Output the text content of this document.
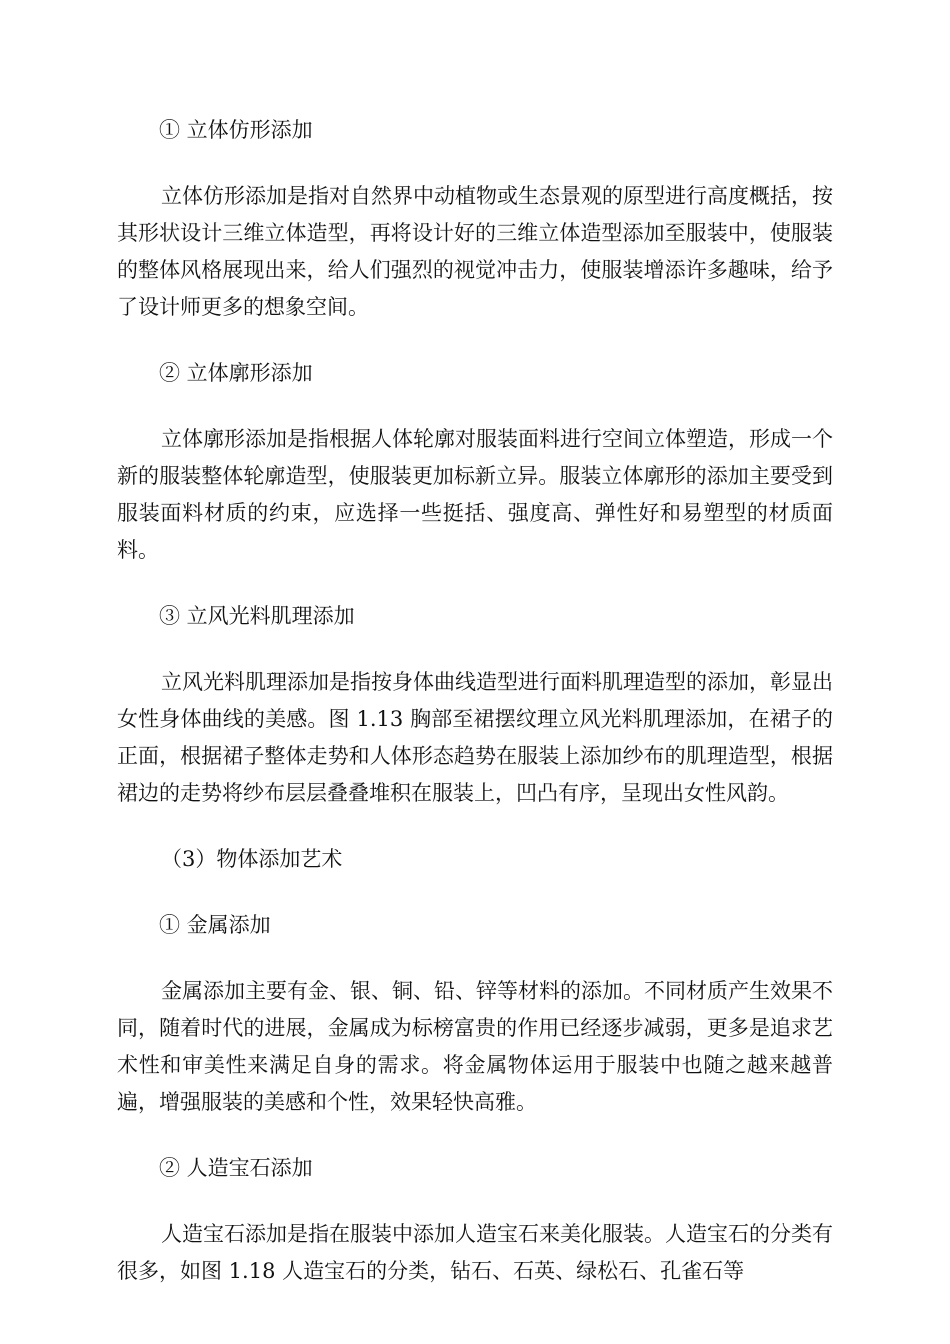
① 立体仿形添加

立体仿形添加是指对自然界中动植物或生态景观的原型进行高度概括，按其形状设计三维立体造型，再将设计好的三维立体造型添加至服装中，使服装的整体风格展现出来，给人们强烈的视觉冲击力，使服装增添许多趣味，给予了设计师更多的想象空间。

② 立体廓形添加

立体廓形添加是指根据人体轮廓对服装面料进行空间立体塑造，形成一个新的服装整体轮廓造型，使服装更加标新立异。服装立体廓形的添加主要受到服装面料材质的约束，应选择一些挺括、强度高、弹性好和易塑型的材质面料。

③ 立风光料肌理添加

立风光料肌理添加是指按身体曲线造型进行面料肌理造型的添加，彰显出女性身体曲线的美感。图 1.13 胸部至裙摆纹理立风光料肌理添加，在裙子的正面，根据裙子整体走势和人体形态趋势在服装上添加纱布的肌理造型，根据裙边的走势将纱布层层叠叠堆积在服装上，凹凸有序，呈现出女性风韵。

（3）物体添加艺术

① 金属添加

金属添加主要有金、银、铜、铅、锌等材料的添加。不同材质产生效果不同，随着时代的进展，金属成为标榜富贵的作用已经逐步减弱，更多是追求艺术性和审美性来满足自身的需求。将金属物体运用于服装中也随之越来越普遍，增强服装的美感和个性，效果轻快高雅。

② 人造宝石添加

人造宝石添加是指在服装中添加人造宝石来美化服装。人造宝石的分类有很多，如图 1.18 人造宝石的分类，钻石、石英、绿松石、孔雀石等
